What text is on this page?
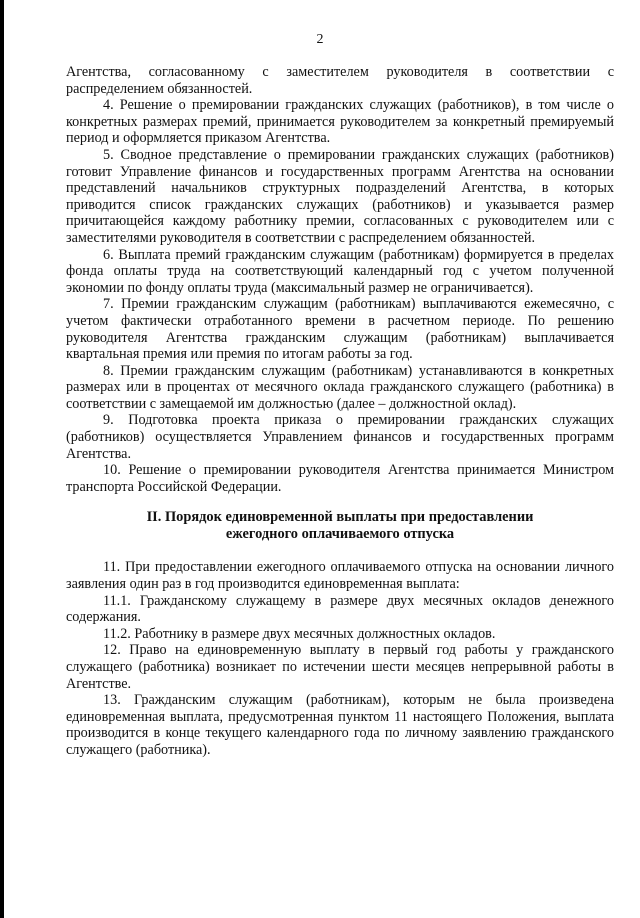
2

Агентства, согласованному с заместителем руководителя в соответствии с распределением обязанностей.

4. Решение о премировании гражданских служащих (работников), в том числе о конкретных размерах премий, принимается руководителем за конкретный премируемый период и оформляется приказом Агентства.

5. Сводное представление о премировании гражданских служащих (работников) готовит Управление финансов и государственных программ Агентства на основании представлений начальников структурных подразделений Агентства, в которых приводится список гражданских служащих (работников) и указывается размер причитающейся каждому работнику премии, согласованных с руководителем или с заместителями руководителя в соответствии с распределением обязанностей.

6. Выплата премий гражданским служащим (работникам) формируется в пределах фонда оплаты труда на соответствующий календарный год с учетом полученной экономии по фонду оплаты труда (максимальный размер не ограничивается).

7. Премии гражданским служащим (работникам) выплачиваются ежемесячно, с учетом фактически отработанного времени в расчетном периоде. По решению руководителя Агентства гражданским служащим (работникам) выплачивается квартальная премия или премия по итогам работы за год.

8. Премии гражданским служащим (работникам) устанавливаются в конкретных размерах или в процентах от месячного оклада гражданского служащего (работника) в соответствии с замещаемой им должностью (далее – должностной оклад).

9. Подготовка проекта приказа о премировании гражданских служащих (работников) осуществляется Управлением финансов и государственных программ Агентства.

10. Решение о премировании руководителя Агентства принимается Министром транспорта Российской Федерации.

II. Порядок единовременной выплаты при предоставлении
ежегодного оплачиваемого отпуска

11. При предоставлении ежегодного оплачиваемого отпуска на основании личного заявления один раз в год производится единовременная выплата:

11.1. Гражданскому служащему в размере двух месячных окладов денежного содержания.

11.2. Работнику в размере двух месячных должностных окладов.

12. Право на единовременную выплату в первый год работы у гражданского служащего (работника) возникает по истечении шести месяцев непрерывной работы в Агентстве.

13. Гражданским служащим (работникам), которым не была произведена единовременная выплата, предусмотренная пунктом 11 настоящего Положения, выплата производится в конце текущего календарного года по личному заявлению гражданского служащего (работника).
